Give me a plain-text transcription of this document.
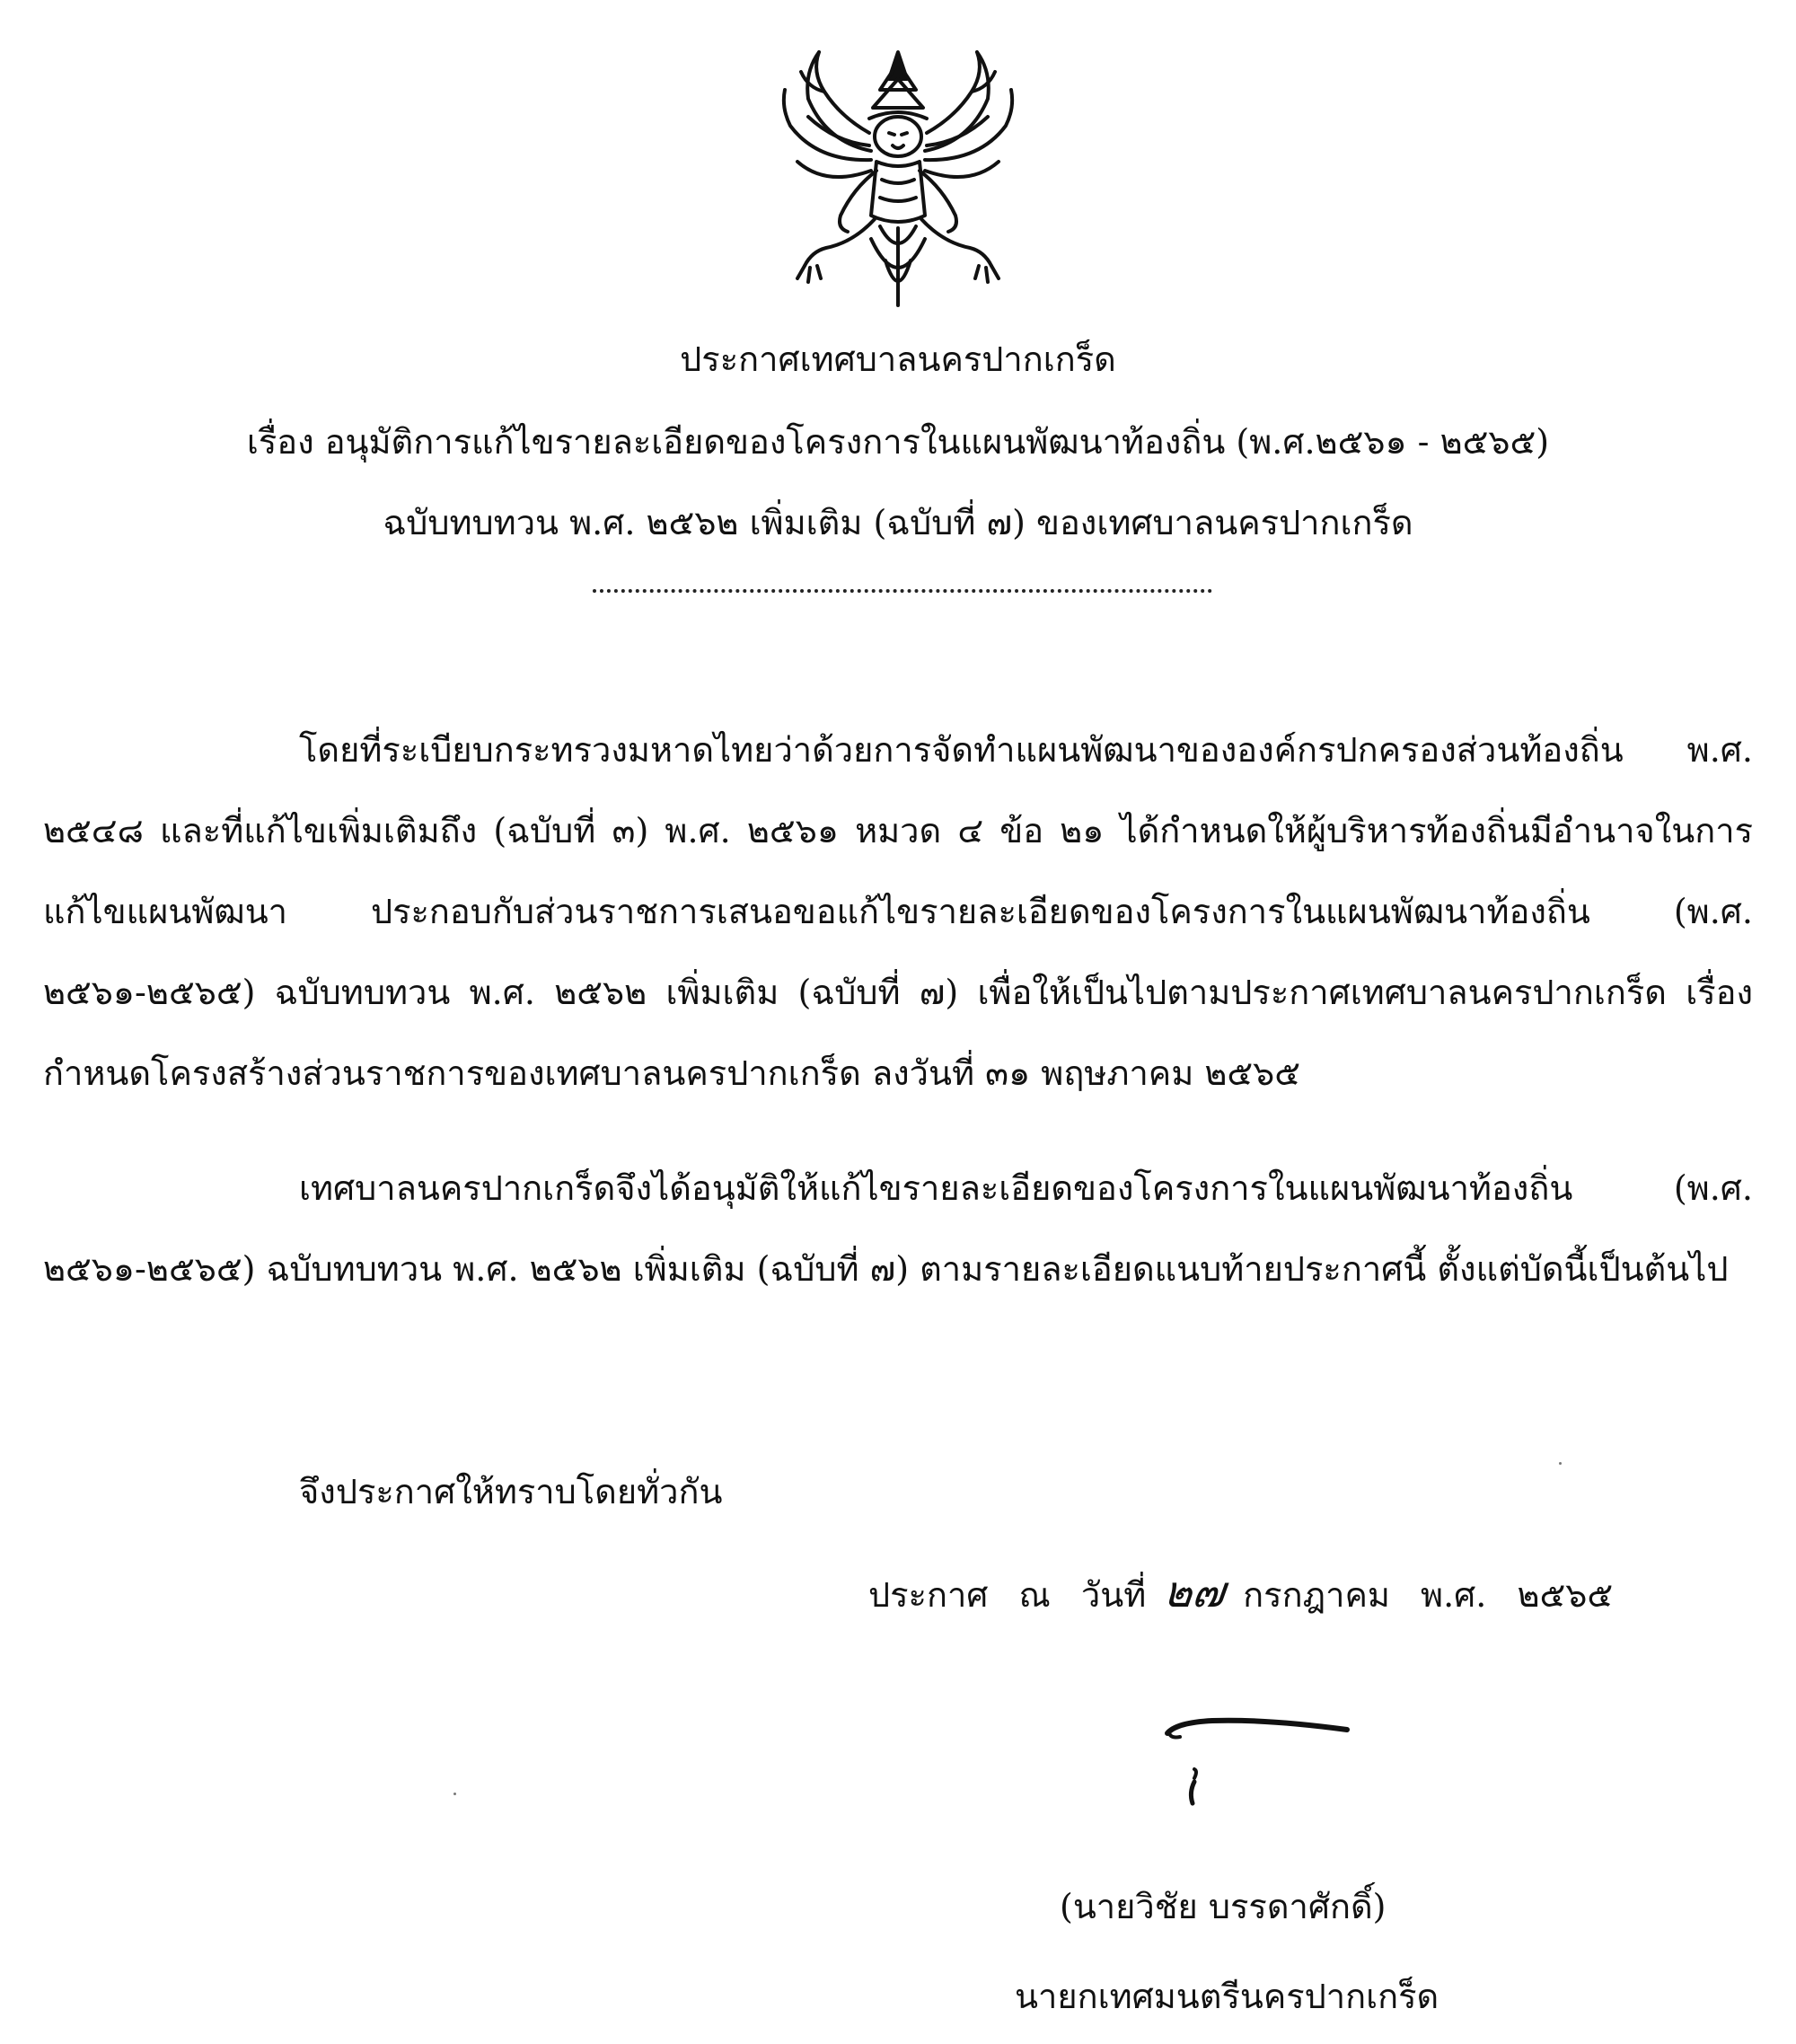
ประกาศเทศบาลนครปากเกร็ด
เรื่อง อนุมัติการแก้ไขรายละเอียดของโครงการในแผนพัฒนาท้องถิ่น (พ.ศ.๒๕๖๑ - ๒๕๖๕)
ฉบับทบทวน พ.ศ. ๒๕๖๒ เพิ่มเติม (ฉบับที่ ๗) ของเทศบาลนครปากเกร็ด

โดยที่ระเบียบกระทรวงมหาดไทยว่าด้วยการจัดทำแผนพัฒนาขององค์กรปกครองส่วนท้องถิ่น พ.ศ. ๒๕๔๘ และที่แก้ไขเพิ่มเติมถึง (ฉบับที่ ๓) พ.ศ. ๒๕๖๑ หมวด ๔ ข้อ ๒๑ ได้กำหนดให้ผู้บริหารท้องถิ่นมีอำนาจในการแก้ไขแผนพัฒนา ประกอบกับส่วนราชการเสนอขอแก้ไขรายละเอียดของโครงการในแผนพัฒนาท้องถิ่น (พ.ศ. ๒๕๖๑-๒๕๖๕) ฉบับทบทวน พ.ศ. ๒๕๖๒ เพิ่มเติม (ฉบับที่ ๗) เพื่อให้เป็นไปตามประกาศเทศบาลนครปากเกร็ด เรื่อง กำหนดโครงสร้างส่วนราชการของเทศบาลนครปากเกร็ด ลงวันที่ ๓๑ พฤษภาคม ๒๕๖๕

เทศบาลนครปากเกร็ดจึงได้อนุมัติให้แก้ไขรายละเอียดของโครงการในแผนพัฒนาท้องถิ่น (พ.ศ. ๒๕๖๑-๒๕๖๕) ฉบับทบทวน พ.ศ. ๒๕๖๒ เพิ่มเติม (ฉบับที่ ๗) ตามรายละเอียดแนบท้ายประกาศนี้ ตั้งแต่บัดนี้เป็นต้นไป

จึงประกาศให้ทราบโดยทั่วกัน
ประกาศ ณ วันที่ ๒๗ กรกฎาคม พ.ศ. ๒๕๖๕
(นายวิชัย บรรดาศักดิ์)
นายกเทศมนตรีนครปากเกร็ด
